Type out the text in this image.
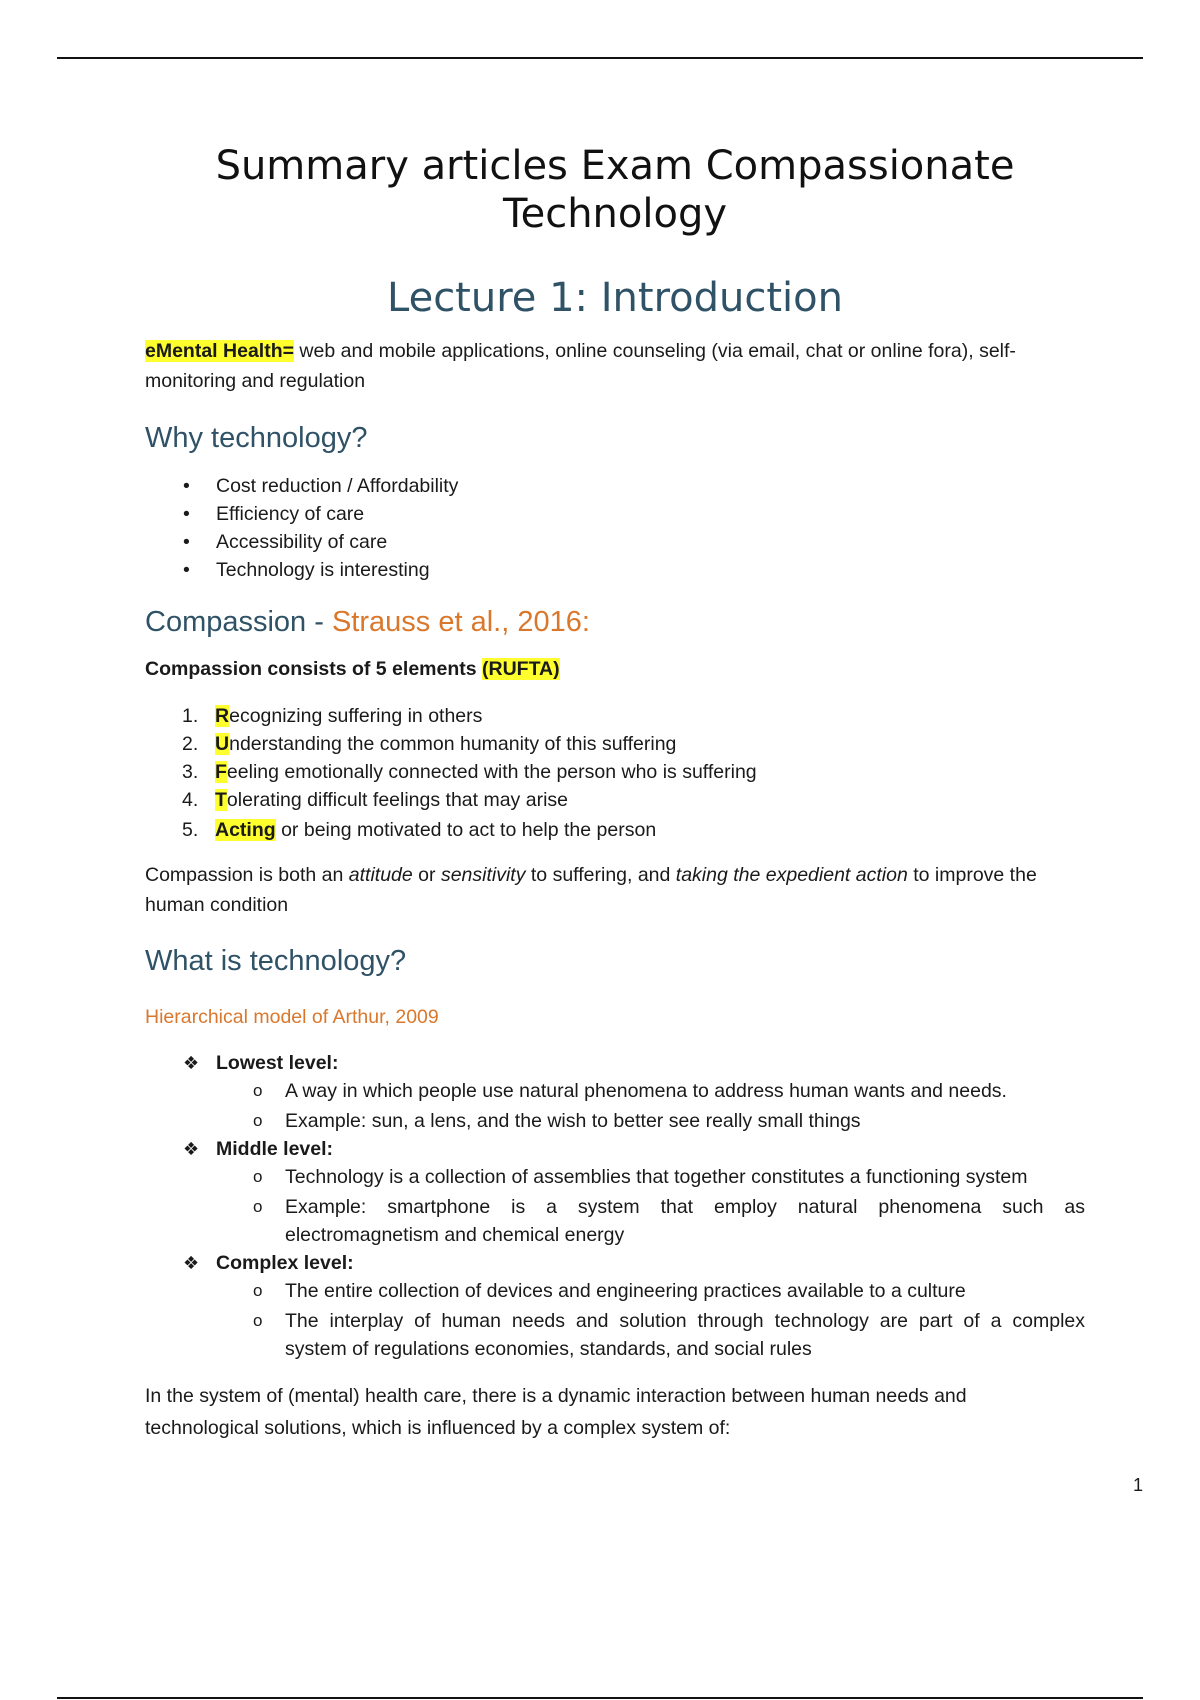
Summary articles Exam Compassionate
Technology
Lecture 1: Introduction
eMental Health= web and mobile applications, online counseling (via email, chat or online fora), self-
monitoring and regulation
Why technology?
• Cost reduction / Affordability
• Efficiency of care
• Accessibility of care
• Technology is interesting
Compassion - Strauss et al., 2016:
Compassion consists of 5 elements (RUFTA)
1. Recognizing suffering in others
2. Understanding the common humanity of this suffering
3. Feeling emotionally connected with the person who is suffering
4. Tolerating difficult feelings that may arise
5. Acting or being motivated to act to help the person
Compassion is both an attitude or sensitivity to suffering, and taking the expedient action to improve the
human condition
What is technology?
Hierarchical model of Arthur, 2009
❖ Lowest level:
o A way in which people use natural phenomena to address human wants and needs.
o Example: sun, a lens, and the wish to better see really small things
❖ Middle level:
o Technology is a collection of assemblies that together constitutes a functioning system
o Example: smartphone is a system that employ natural phenomena such as
electromagnetism and chemical energy
❖ Complex level:
o The entire collection of devices and engineering practices available to a culture
o The interplay of human needs and solution through technology are part of a complex
system of regulations economies, standards, and social rules
In the system of (mental) health care, there is a dynamic interaction between human needs and
technological solutions, which is influenced by a complex system of:
1
